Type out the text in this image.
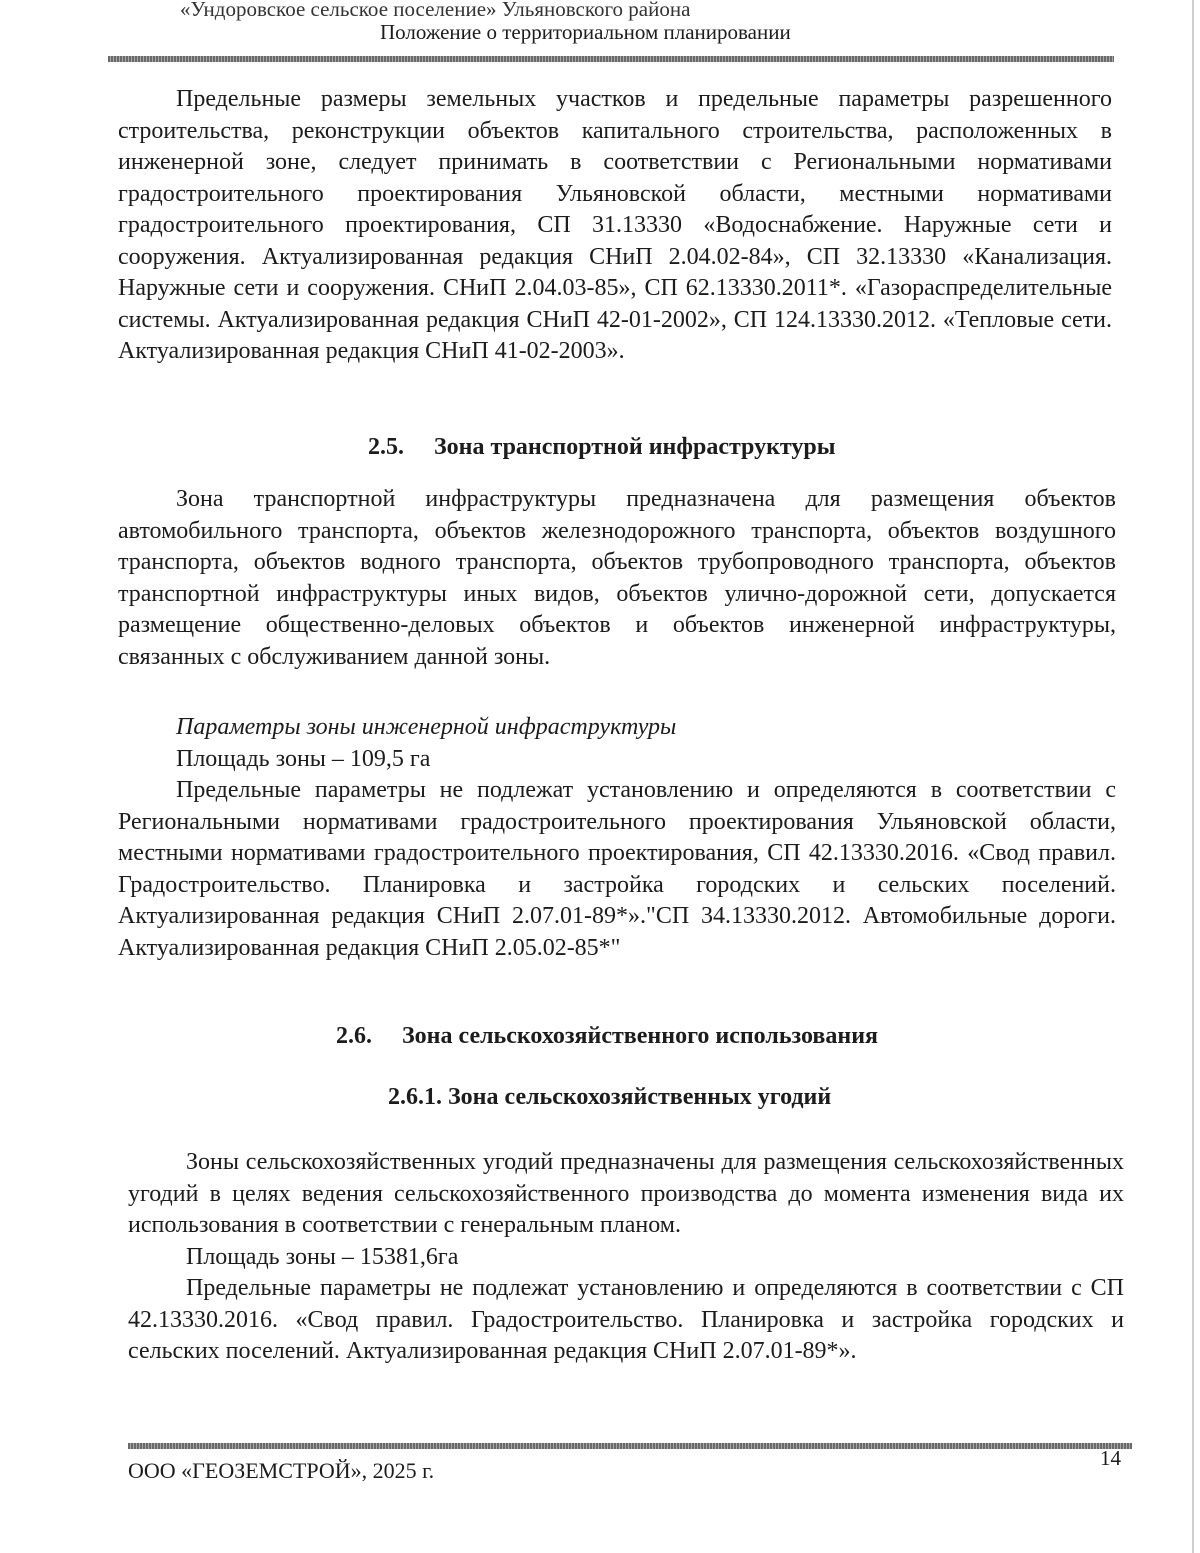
«Ундоровское сельское поселение» Ульяновского района
Положение о территориальном планировании

Предельные размеры земельных участков и предельные параметры разрешенного строительства, реконструкции объектов капитального строительства, расположенных в инженерной зоне, следует принимать в соответствии с Региональными нормативами градостроительного проектирования Ульяновской области, местными нормативами градостроительного проектирования, СП 31.13330 «Водоснабжение. Наружные сети и сооружения. Актуализированная редакция СНиП 2.04.02-84», СП 32.13330 «Канализация. Наружные сети и сооружения. СНиП 2.04.03-85», СП 62.13330.2011*. «Газораспределительные системы. Актуализированная редакция СНиП 42-01-2002», СП 124.13330.2012. «Тепловые сети. Актуализированная редакция СНиП 41-02-2003».

2.5. Зона транспортной инфраструктуры

Зона транспортной инфраструктуры предназначена для размещения объектов автомобильного транспорта, объектов железнодорожного транспорта, объектов воздушного транспорта, объектов водного транспорта, объектов трубопроводного транспорта, объектов транспортной инфраструктуры иных видов, объектов улично-дорожной сети, допускается размещение общественно-деловых объектов и объектов инженерной инфраструктуры, связанных с обслуживанием данной зоны.

Параметры зоны инженерной инфраструктуры

Площадь зоны – 109,5 га

Предельные параметры не подлежат установлению и определяются в соответствии с Региональными нормативами градостроительного проектирования Ульяновской области, местными нормативами градостроительного проектирования, СП 42.13330.2016. «Свод правил. Градостроительство. Планировка и застройка городских и сельских поселений. Актуализированная редакция СНиП 2.07.01-89*»."СП 34.13330.2012. Автомобильные дороги. Актуализированная редакция СНиП 2.05.02-85*"

2.6. Зона сельскохозяйственного использования
2.6.1. Зона сельскохозяйственных угодий

Зоны сельскохозяйственных угодий предназначены для размещения сельскохозяйственных угодий в целях ведения сельскохозяйственного производства до момента изменения вида их использования в соответствии с генеральным планом.

Площадь зоны – 15381,6га

Предельные параметры не подлежат установлению и определяются в соответствии с СП 42.13330.2016. «Свод правил. Градостроительство. Планировка и застройка городских и сельских поселений. Актуализированная редакция СНиП 2.07.01-89*».

ООО «ГЕОЗЕМСТРОЙ», 2025 г.	14
